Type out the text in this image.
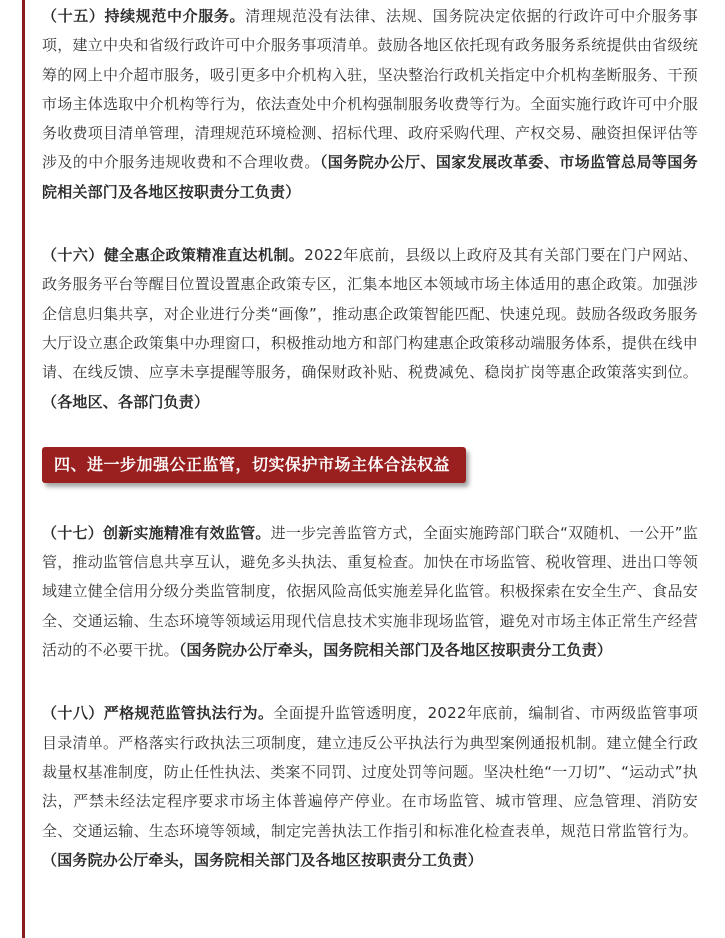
（十五）持续规范中介服务。清理规范没有法律、法规、国务院决定依据的行政许可中介服务事项，建立中央和省级行政许可中介服务事项清单。鼓励各地区依托现有政务服务系统提供由省级统筹的网上中介超市服务，吸引更多中介机构入驻，坚决整治行政机关指定中介机构垄断服务、干预市场主体选取中介机构等行为，依法查处中介机构强制服务收费等行为。全面实施行政许可中介服务收费项目清单管理，清理规范环境检测、招标代理、政府采购代理、产权交易、融资担保评估等涉及的中介服务违规收费和不合理收费。（国务院办公厅、国家发展改革委、市场监管总局等国务院相关部门及各地区按职责分工负责）

（十六）健全惠企政策精准直达机制。2022年底前，县级以上政府及其有关部门要在门户网站、政务服务平台等醒目位置设置惠企政策专区，汇集本地区本领域市场主体适用的惠企政策。加强涉企信息归集共享，对企业进行分类“画像”，推动惠企政策智能匹配、快速兑现。鼓励各级政务服务大厅设立惠企政策集中办理窗口，积极推动地方和部门构建惠企政策移动端服务体系，提供在线申请、在线反馈、应享未享提醒等服务，确保财政补贴、税费减免、稳岗扩岗等惠企政策落实到位。（各地区、各部门负责）

四、进一步加强公正监管，切实保护市场主体合法权益

（十七）创新实施精准有效监管。进一步完善监管方式，全面实施跨部门联合“双随机、一公开”监管，推动监管信息共享互认，避免多头执法、重复检查。加快在市场监管、税收管理、进出口等领域建立健全信用分级分类监管制度，依据风险高低实施差异化监管。积极探索在安全生产、食品安全、交通运输、生态环境等领域运用现代信息技术实施非现场监管，避免对市场主体正常生产经营活动的不必要干扰。（国务院办公厅牵头，国务院相关部门及各地区按职责分工负责）

（十八）严格规范监管执法行为。全面提升监管透明度，2022年底前，编制省、市两级监管事项目录清单。严格落实行政执法三项制度，建立违反公平执法行为典型案例通报机制。建立健全行政裁量权基准制度，防止任性执法、类案不同罚、过度处罚等问题。坚决杜绝“一刀切”、“运动式”执法，严禁未经法定程序要求市场主体普遍停产停业。在市场监管、城市管理、应急管理、消防安全、交通运输、生态环境等领域，制定完善执法工作指引和标准化检查表单，规范日常监管行为。（国务院办公厅牵头，国务院相关部门及各地区按职责分工负责）
